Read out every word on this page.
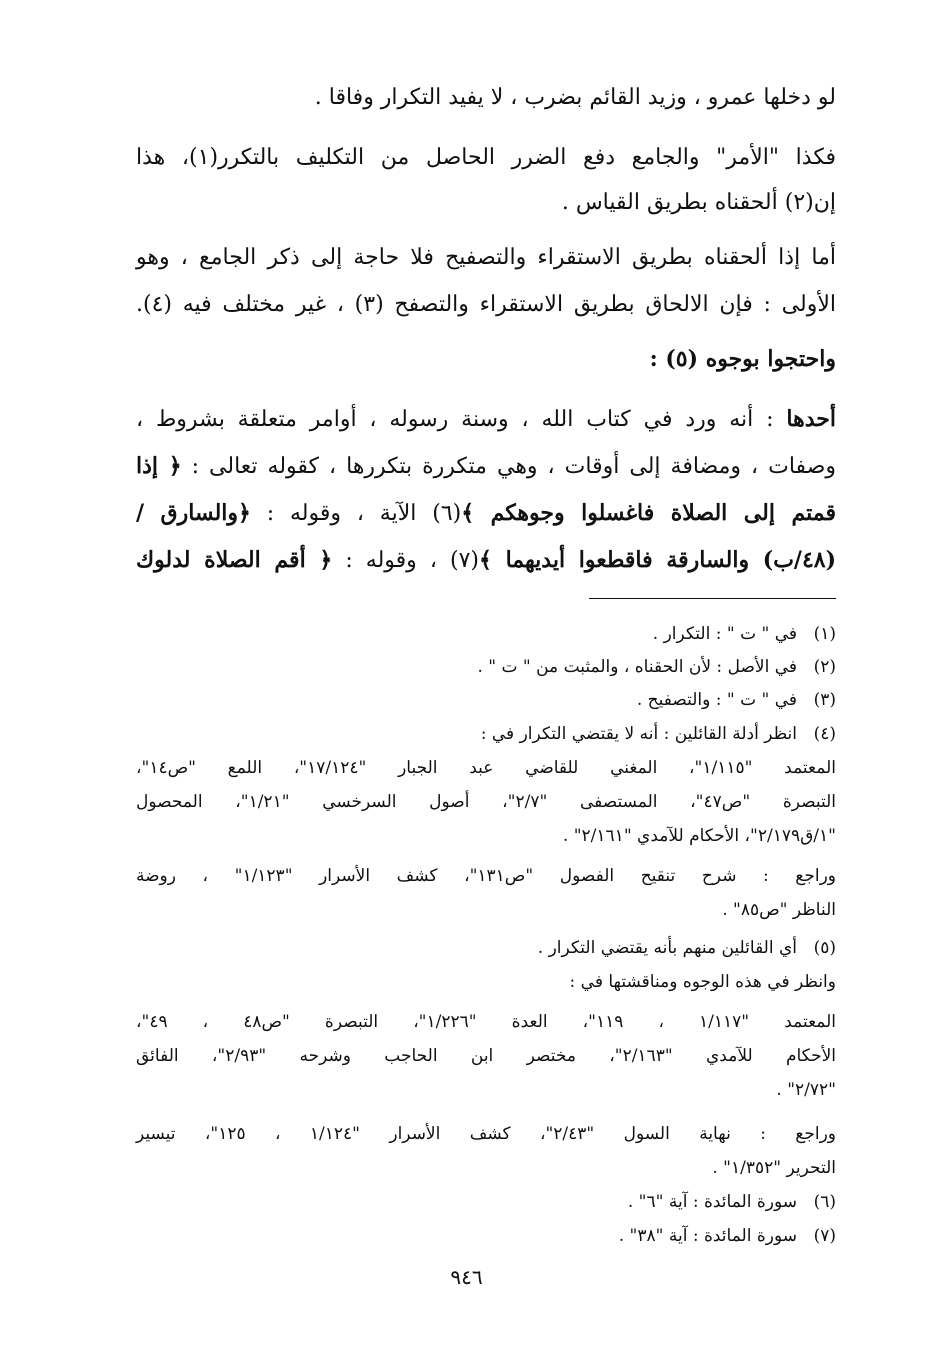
لو دخلها عمرو ، وزيد القائم بضرب ، لا يفيد التكرار وفاقا .
فكذا "الأمر" والجامع دفع الضرر الحاصل من التكليف بالتكرر(١)، هذا
إن(٢) ألحقناه بطريق القياس .
أما إذا ألحقناه بطريق الاستقراء والتصفيح فلا حاجة إلى ذكر الجامع ، وهو
الأولى : فإن الالحاق بطريق الاستقراء والتصفح (٣) ، غير مختلف فيه (٤).
واحتجوا بوجوه (٥) :
أحدها : أنه ورد في كتاب الله ، وسنة رسوله ، أوامر متعلقة بشروط ،
وصفات ، ومضافة إلى أوقات ، وهي متكررة بتكررها ، كقوله تعالى : ﴿ إذا
قمتم إلى الصلاة فاغسلوا وجوهكم ﴾(٦) الآية ، وقوله : ﴿والسارق /
(٤٨/ب) والسارقة فاقطعوا أيديهما ﴾(٧) ، وقوله : ﴿ أقم الصلاة لدلوك
(١)
في " ت " : التكرار .
(٢)
في الأصل : لأن الحقناه ، والمثبت من " ت " .
(٣)
في " ت " : والتصفيح .
(٤)
انظر أدلة القائلين : أنه لا يقتضي التكرار في :
المعتمد "١/١١٥"، المغني للقاضي عبد الجبار "١٧/١٢٤"، اللمع "ص١٤"،
التبصرة "ص٤٧"، المستصفى "٢/٧"، أصول السرخسي "١/٢١"، المحصول
"١/ق٢/١٧٩"، الأحكام للآمدي "٢/١٦١" .
وراجع : شرح تنقيح الفصول "ص١٣١"، كشف الأسرار "١/١٢٣" ، روضة
الناظر "ص٨٥" .
(٥)
أي القائلين منهم بأنه يقتضي التكرار .
وانظر في هذه الوجوه ومناقشتها في :
المعتمد "١/١١٧ ، ١١٩"، العدة "١/٢٢٦"، التبصرة "ص٤٨ ، ٤٩"،
الأحكام للآمدي "٢/١٦٣"، مختصر ابن الحاجب وشرحه "٢/٩٣"، الفائق
"٢/٧٢" .
وراجع : نهاية السول "٢/٤٣"، كشف الأسرار "١/١٢٤ ، ١٢٥"، تيسير
التحرير "١/٣٥٢" .
(٦)
سورة المائدة : آية "٦" .
(٧)
سورة المائدة : آية "٣٨" .
٩٤٦
